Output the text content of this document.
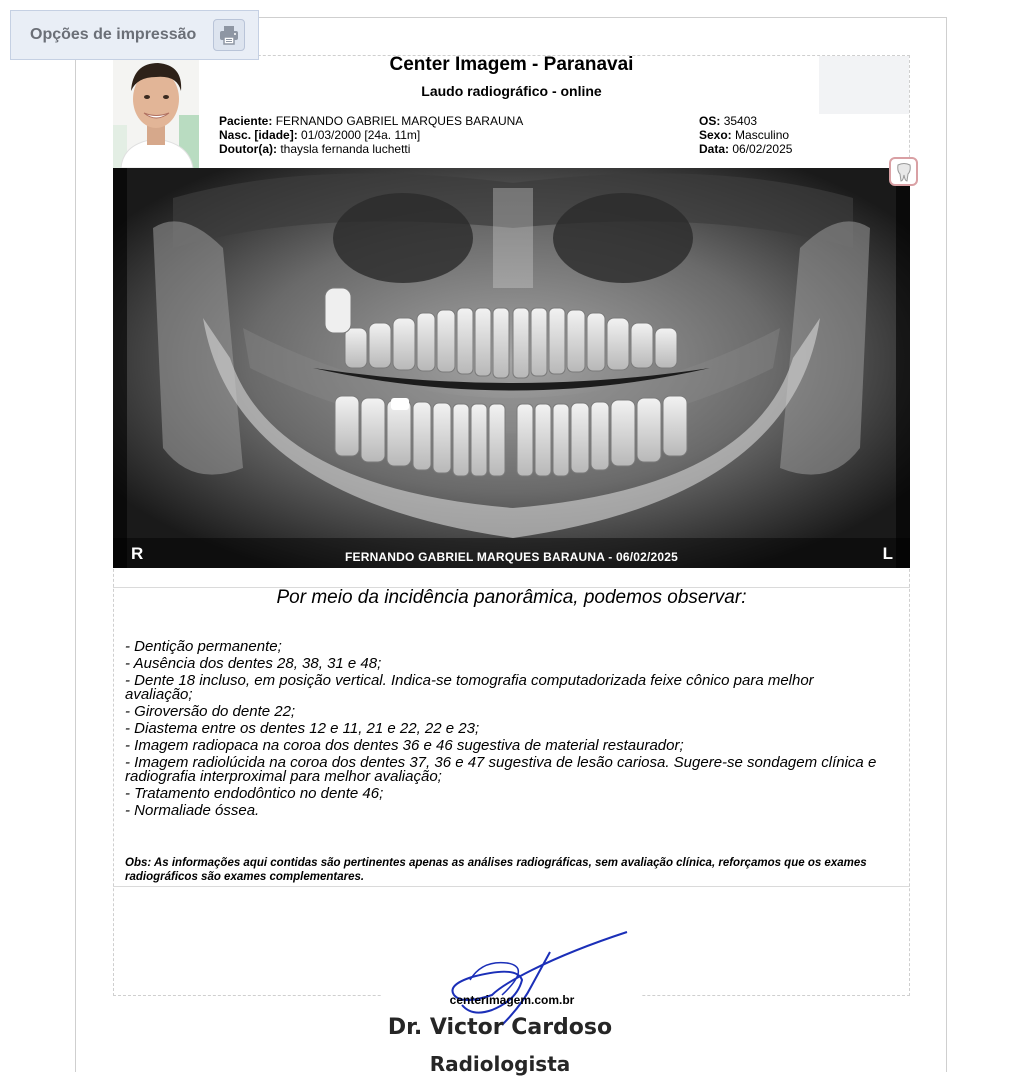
Opções de impressão
Center Imagem - Paranavai
Laudo radiográfico - online
Paciente: FERNANDO GABRIEL MARQUES BARAUNA
Nasc. [idade]: 01/03/2000 [24a. 11m]
Doutor(a): thaysla fernanda luchetti
OS: 35403
Sexo: Masculino
Data: 06/02/2025
R	FERNANDO GABRIEL MARQUES BARAUNA - 06/02/2025	L
Por meio da incidência panorâmica, podemos observar:
- Dentição permanente;
- Ausência dos dentes 28, 38, 31 e 48;
- Dente 18 incluso, em posição vertical. Indica-se tomografia computadorizada feixe cônico para melhor avaliação;
- Giroversão do dente 22;
- Diastema entre os dentes 12 e 11, 21 e 22, 22 e 23;
- Imagem radiopaca na coroa dos dentes 36 e 46 sugestiva de material restaurador;
- Imagem radiolúcida na coroa dos dentes 37, 36 e 47 sugestiva de lesão cariosa. Sugere-se sondagem clínica e radiografia interproximal para melhor avaliação;
- Tratamento endodôntico no dente 46;
- Normaliade óssea.
Obs: As informações aqui contidas são pertinentes apenas as análises radiográficas, sem avaliação clínica, reforçamos que os exames radiográficos são exames complementares.
centerimagem.com.br
Dr. Victor Cardoso
Radiologista
